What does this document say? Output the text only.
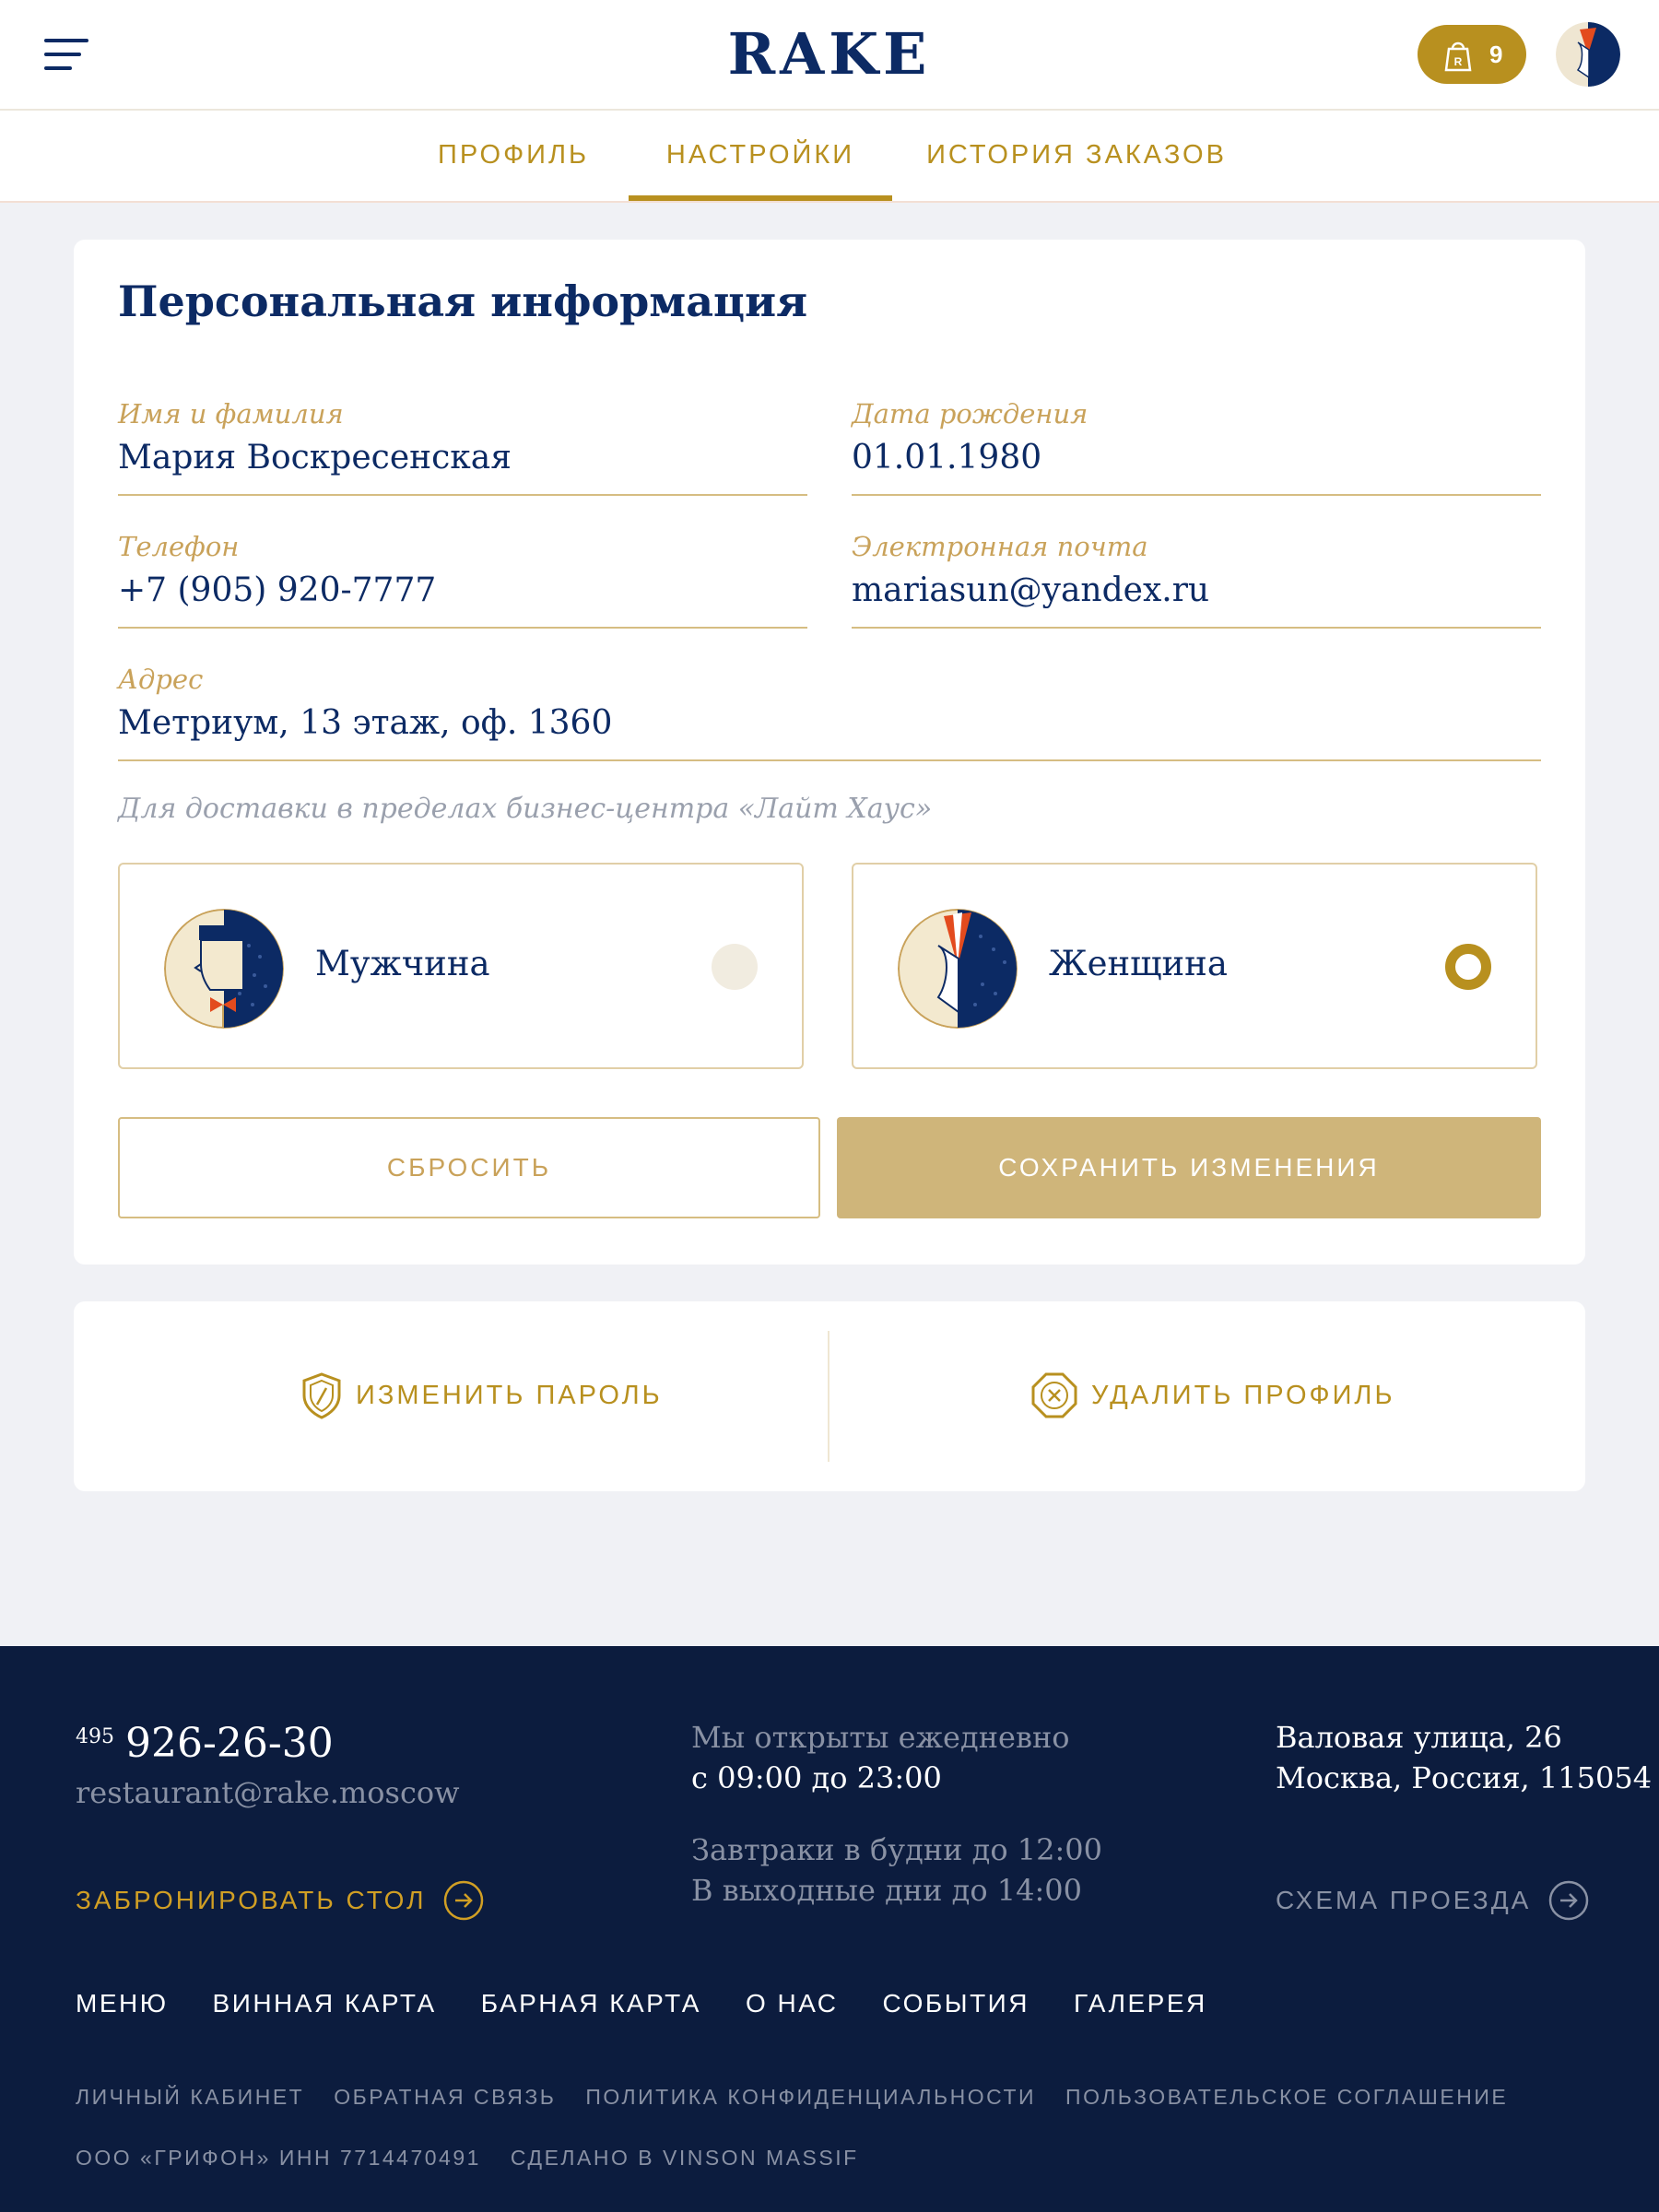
RAKE	R 9
ПРОФИЛЬ	НАСТРОЙКИ	ИСТОРИЯ ЗАКАЗОВ
Персональная информация
Имя и фамилия
Мария Воскресенская
Дата рождения
01.01.1980
Телефон
+7 (905) 920-7777
Электронная почта
mariasun@yandex.ru
Адрес
Метриум, 13 этаж, оф. 1360
Для доставки в пределах бизнес-центра «Лайт Хаус»
Мужчина	Женщина
СБРОСИТЬ	СОХРАНИТЬ ИЗМЕНЕНИЯ
ИЗМЕНИТЬ ПАРОЛЬ	УДАЛИТЬ ПРОФИЛЬ
495 926-26-30
restaurant@rake.moscow
ЗАБРОНИРОВАТЬ СТОЛ
Мы открыты ежедневно
с 09:00 до 23:00
Завтраки в будни до 12:00
В выходные дни до 14:00
Валовая улица, 26
Москва, Россия, 115054
СХЕМА ПРОЕЗДА
МЕНЮ ВИННАЯ КАРТА БАРНАЯ КАРТА О НАС СОБЫТИЯ ГАЛЕРЕЯ
ЛИЧНЫЙ КАБИНЕТ ОБРАТНАЯ СВЯЗЬ ПОЛИТИКА КОНФИДЕНЦИАЛЬНОСТИ ПОЛЬЗОВАТЕЛЬСКОЕ СОГЛАШЕНИЕ
ООО «ГРИФОН» ИНН 7714470491 СДЕЛАНО В VINSON MASSIF
